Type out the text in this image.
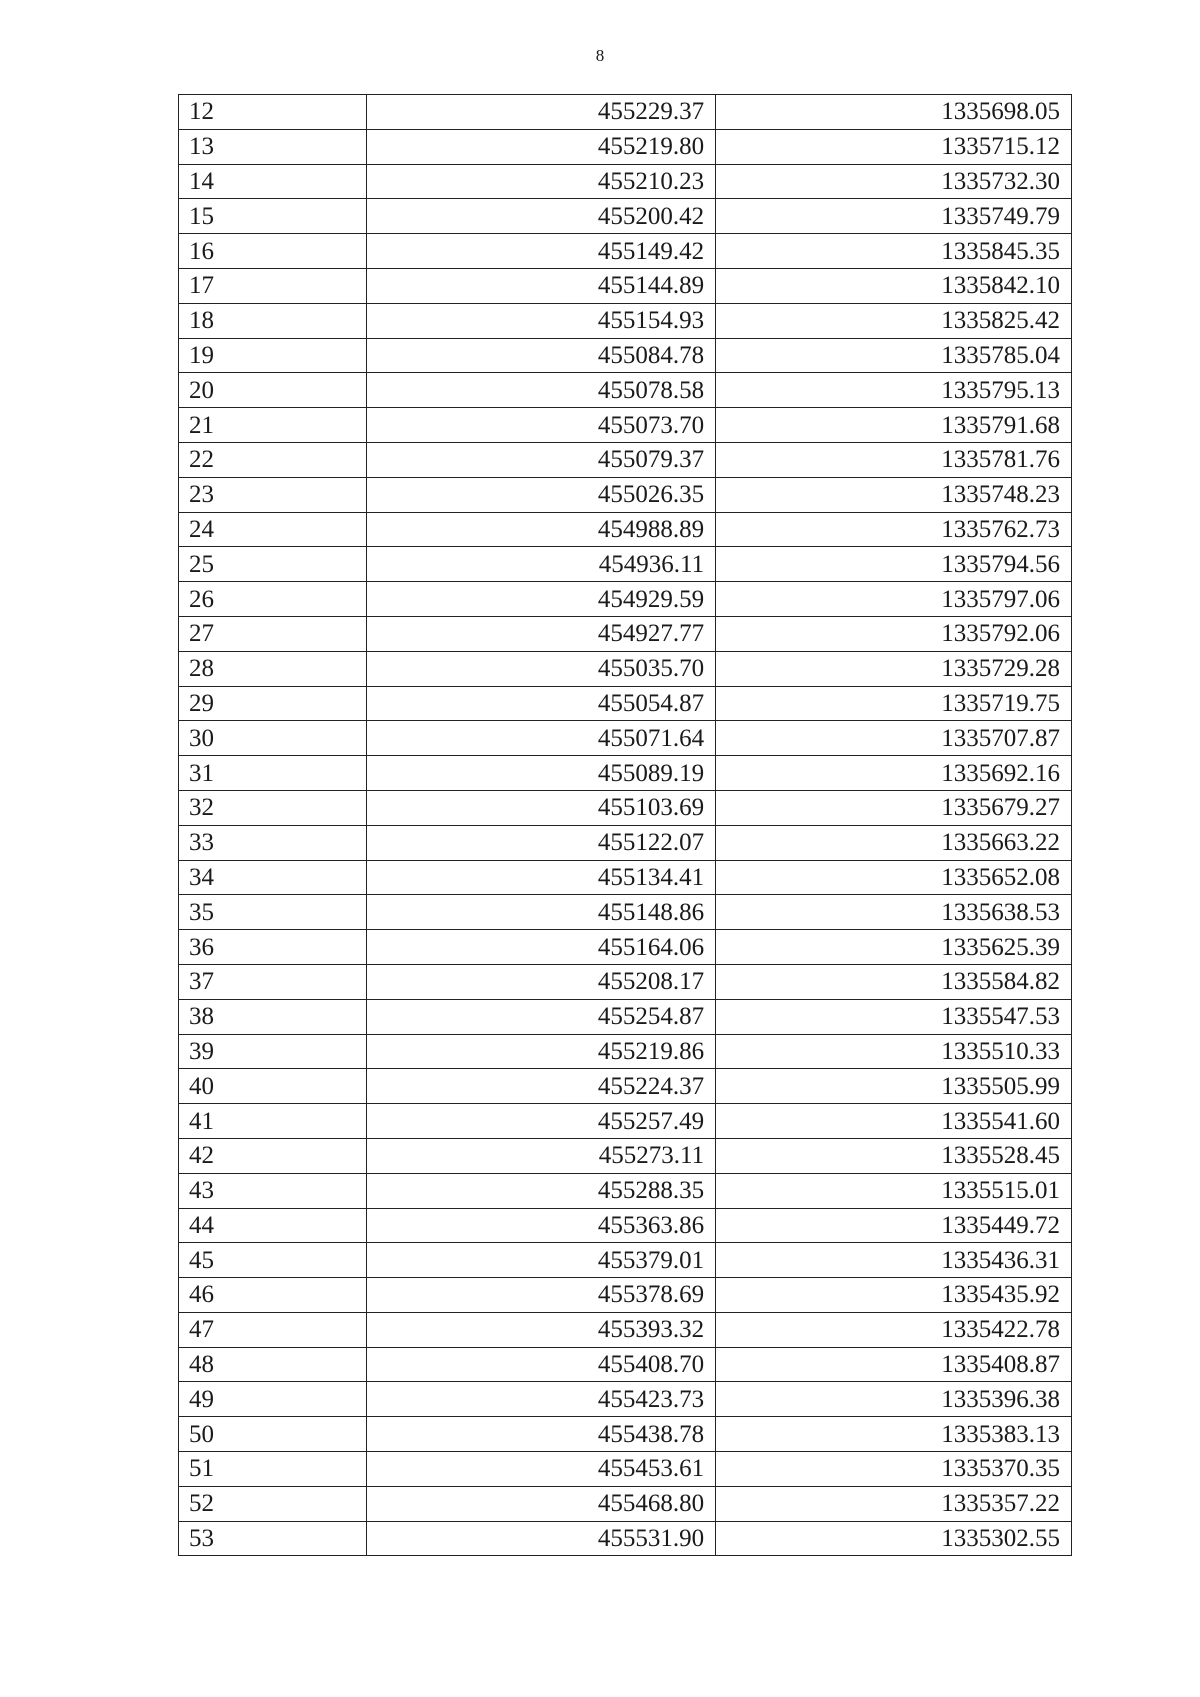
8
12		455229.37	1335698.05
13		455219.80	1335715.12
14		455210.23	1335732.30
15		455200.42	1335749.79
16		455149.42	1335845.35
17		455144.89	1335842.10
18		455154.93	1335825.42
19		455084.78	1335785.04
20		455078.58	1335795.13
21		455073.70	1335791.68
22		455079.37	1335781.76
23		455026.35	1335748.23
24		454988.89	1335762.73
25		454936.11	1335794.56
26		454929.59	1335797.06
27		454927.77	1335792.06
28		455035.70	1335729.28
29		455054.87	1335719.75
30		455071.64	1335707.87
31		455089.19	1335692.16
32		455103.69	1335679.27
33		455122.07	1335663.22
34		455134.41	1335652.08
35		455148.86	1335638.53
36		455164.06	1335625.39
37		455208.17	1335584.82
38		455254.87	1335547.53
39		455219.86	1335510.33
40		455224.37	1335505.99
41		455257.49	1335541.60
42		455273.11	1335528.45
43		455288.35	1335515.01
44		455363.86	1335449.72
45		455379.01	1335436.31
46		455378.69	1335435.92
47		455393.32	1335422.78
48		455408.70	1335408.87
49		455423.73	1335396.38
50		455438.78	1335383.13
51		455453.61	1335370.35
52		455468.80	1335357.22
53		455531.90	1335302.55
